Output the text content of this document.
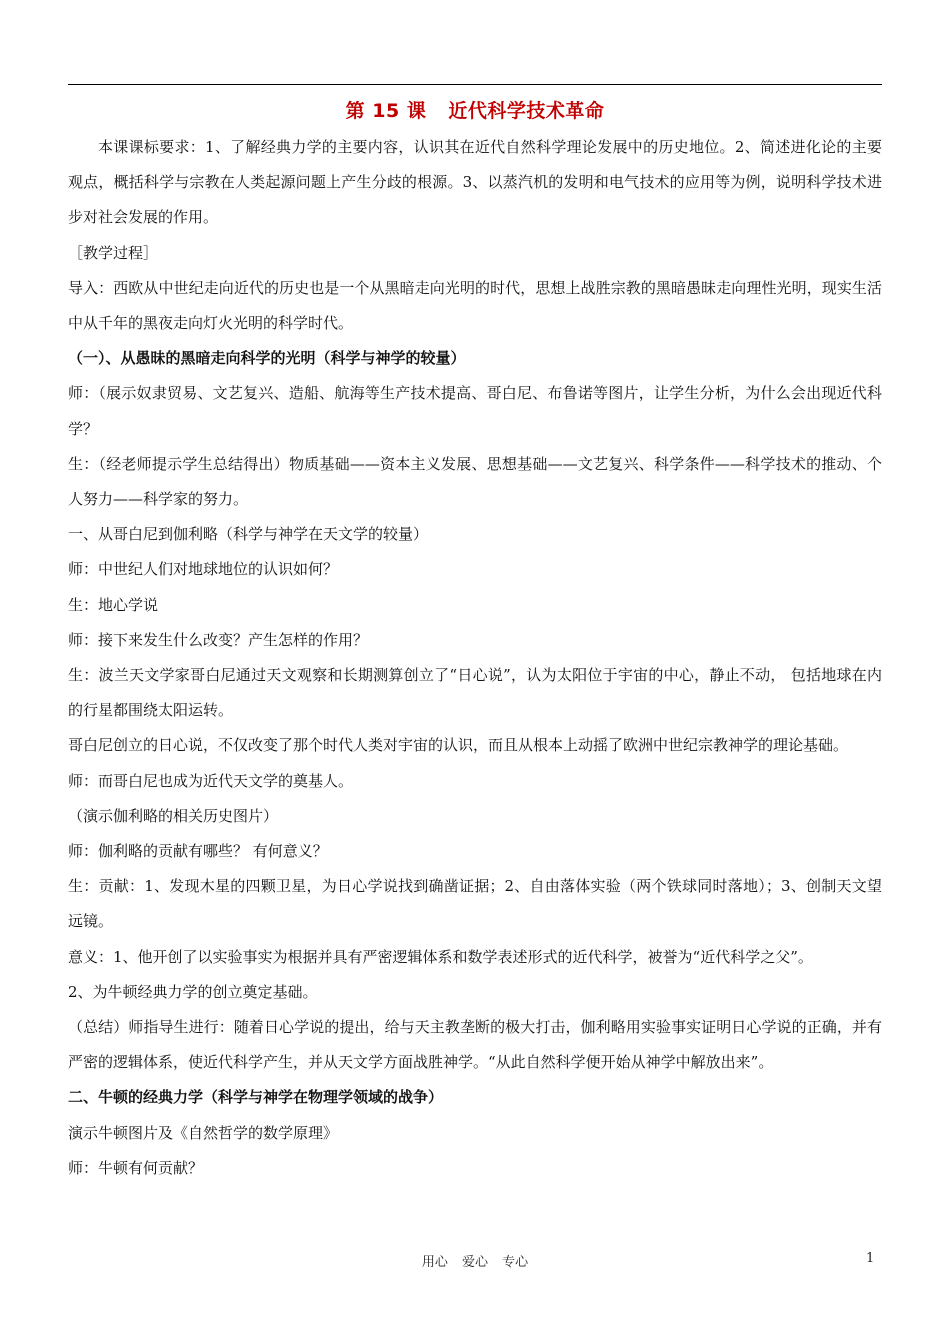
第 15 课 近代科学技术革命

本课课标要求：1、了解经典力学的主要内容，认识其在近代自然科学理论发展中的历史地位。2、简述进化论的主要观点，概括科学与宗教在人类起源问题上产生分歧的根源。3、以蒸汽机的发明和电气技术的应用等为例，说明科学技术进步对社会发展的作用。

［教学过程］

导入：西欧从中世纪走向近代的历史也是一个从黑暗走向光明的时代，思想上战胜宗教的黑暗愚昧走向理性光明，现实生活中从千年的黑夜走向灯火光明的科学时代。

（一）、从愚昧的黑暗走向科学的光明（科学与神学的较量）

师：（展示奴隶贸易、文艺复兴、造船、航海等生产技术提高、哥白尼、布鲁诺等图片，让学生分析，为什么会出现近代科学？

生：（经老师提示学生总结得出）物质基础——资本主义发展、思想基础——文艺复兴、科学条件——科学技术的推动、个人努力——科学家的努力。

一、从哥白尼到伽利略（科学与神学在天文学的较量）

师：中世纪人们对地球地位的认识如何？

生：地心学说

师：接下来发生什么改变？产生怎样的作用？

生：波兰天文学家哥白尼通过天文观察和长期测算创立了“日心说”，认为太阳位于宇宙的中心，静止不动， 包括地球在内的行星都围绕太阳运转。

哥白尼创立的日心说，不仅改变了那个时代人类对宇宙的认识，而且从根本上动摇了欧洲中世纪宗教神学的理论基础。

师：而哥白尼也成为近代天文学的奠基人。

（演示伽利略的相关历史图片）

师：伽利略的贡献有哪些？ 有何意义？

生：贡献：1、发现木星的四颗卫星，为日心学说找到确凿证据；2、自由落体实验（两个铁球同时落地）；3、创制天文望远镜。

意义：1、他开创了以实验事实为根据并具有严密逻辑体系和数学表述形式的近代科学，被誉为“近代科学之父”。

2、为牛顿经典力学的创立奠定基础。

（总结）师指导生进行：随着日心学说的提出，给与天主教垄断的极大打击，伽利略用实验事实证明日心学说的正确，并有严密的逻辑体系，使近代科学产生，并从天文学方面战胜神学。“从此自然科学便开始从神学中解放出来”。

二、牛顿的经典力学（科学与神学在物理学领域的战争）

演示牛顿图片及《自然哲学的数学原理》

师：牛顿有何贡献？

用心 爱心 专心	1
